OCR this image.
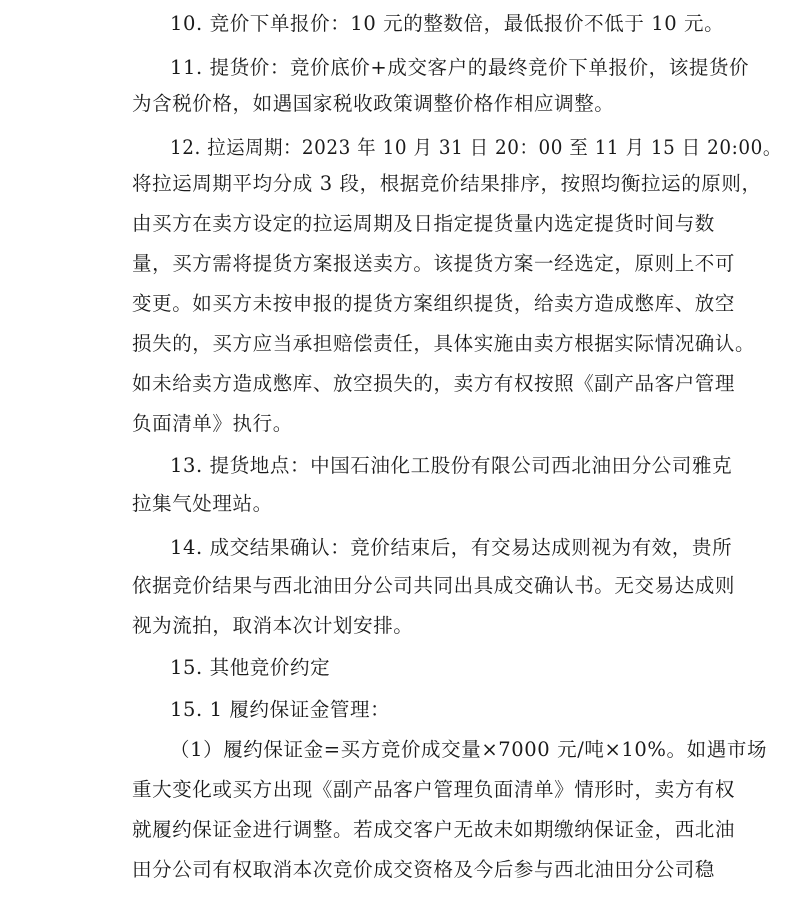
10. 竞价下单报价：10 元的整数倍，最低报价不低于 10 元。
11. 提货价：竞价底价+成交客户的最终竞价下单报价，该提货价
为含税价格，如遇国家税收政策调整价格作相应调整。
12. 拉运周期：2023 年 10 月 31 日 20：00 至 11 月 15 日 20:00。
将拉运周期平均分成 3 段，根据竞价结果排序，按照均衡拉运的原则，
由买方在卖方设定的拉运周期及日指定提货量内选定提货时间与数
量，买方需将提货方案报送卖方。该提货方案一经选定，原则上不可
变更。如买方未按申报的提货方案组织提货，给卖方造成憋库、放空
损失的，买方应当承担赔偿责任，具体实施由卖方根据实际情况确认。
如未给卖方造成憋库、放空损失的，卖方有权按照《副产品客户管理
负面清单》执行。
13. 提货地点：中国石油化工股份有限公司西北油田分公司雅克
拉集气处理站。
14. 成交结果确认：竞价结束后，有交易达成则视为有效，贵所
依据竞价结果与西北油田分公司共同出具成交确认书。无交易达成则
视为流拍，取消本次计划安排。
15. 其他竞价约定
15. 1 履约保证金管理：
（1）履约保证金=买方竞价成交量×7000 元/吨×10%。如遇市场
重大变化或买方出现《副产品客户管理负面清单》情形时，卖方有权
就履约保证金进行调整。若成交客户无故未如期缴纳保证金，西北油
田分公司有权取消本次竞价成交资格及今后参与西北油田分公司稳
